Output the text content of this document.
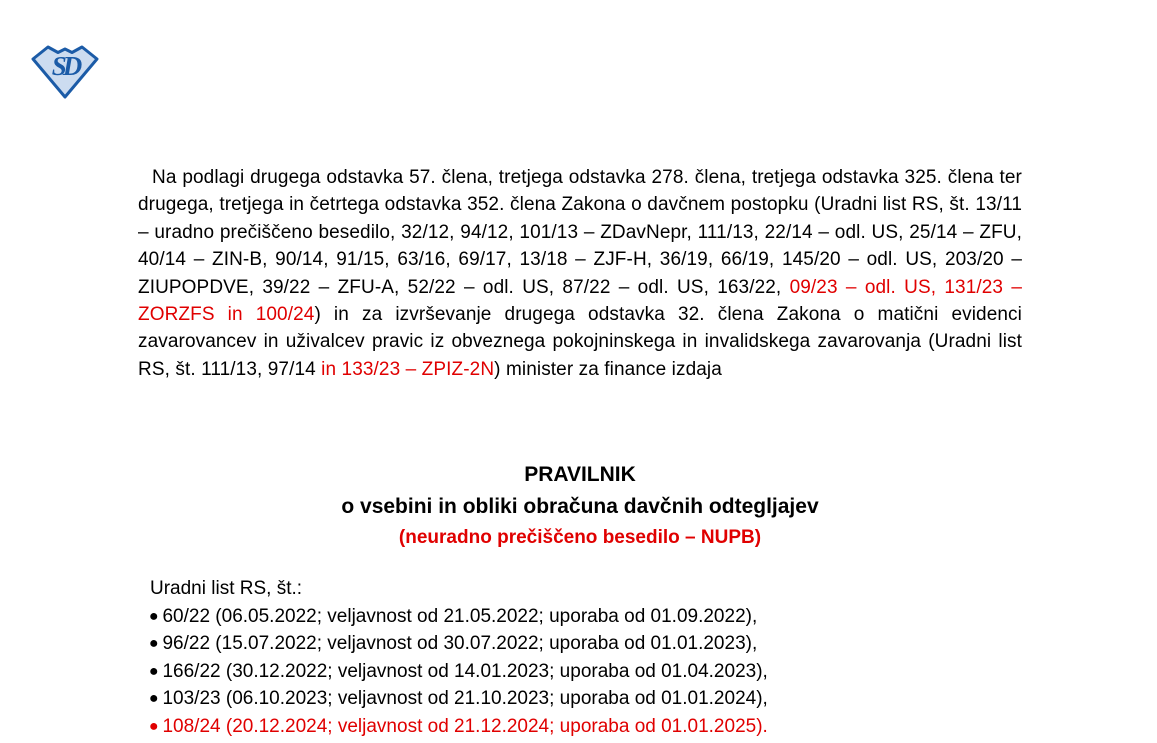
SD

Na podlagi drugega odstavka 57. člena, tretjega odstavka 278. člena, tretjega odstavka 325. člena ter drugega, tretjega in četrtega odstavka 352. člena Zakona o davčnem postopku (Uradni list RS, št. 13/11 – uradno prečiščeno besedilo, 32/12, 94/12, 101/13 – ZDavNepr, 111/13, 22/14 – odl. US, 25/14 – ZFU, 40/14 – ZIN-B, 90/14, 91/15, 63/16, 69/17, 13/18 – ZJF-H, 36/19, 66/19, 145/20 – odl. US, 203/20 – ZIUPOPDVE, 39/22 – ZFU-A, 52/22 – odl. US, 87/22 – odl. US, 163/22, 09/23 – odl. US, 131/23 – ZORZFS in 100/24) in za izvrševanje drugega odstavka 32. člena Zakona o matični evidenci zavarovancev in uživalcev pravic iz obveznega pokojninskega in invalidskega zavarovanja (Uradni list RS, št. 111/13, 97/14 in 133/23 – ZPIZ-2N) minister za finance izdaja

PRAVILNIK
o vsebini in obliki obračuna davčnih odtegljajev
(neuradno prečiščeno besedilo – NUPB)
Uradni list RS, št.:
● 60/22 (06.05.2022; veljavnost od 21.05.2022; uporaba od 01.09.2022),
● 96/22 (15.07.2022; veljavnost od 30.07.2022; uporaba od 01.01.2023),
● 166/22 (30.12.2022; veljavnost od 14.01.2023; uporaba od 01.04.2023),
● 103/23 (06.10.2023; veljavnost od 21.10.2023; uporaba od 01.01.2024),
● 108/24 (20.12.2024; veljavnost od 21.12.2024; uporaba od 01.01.2025).
